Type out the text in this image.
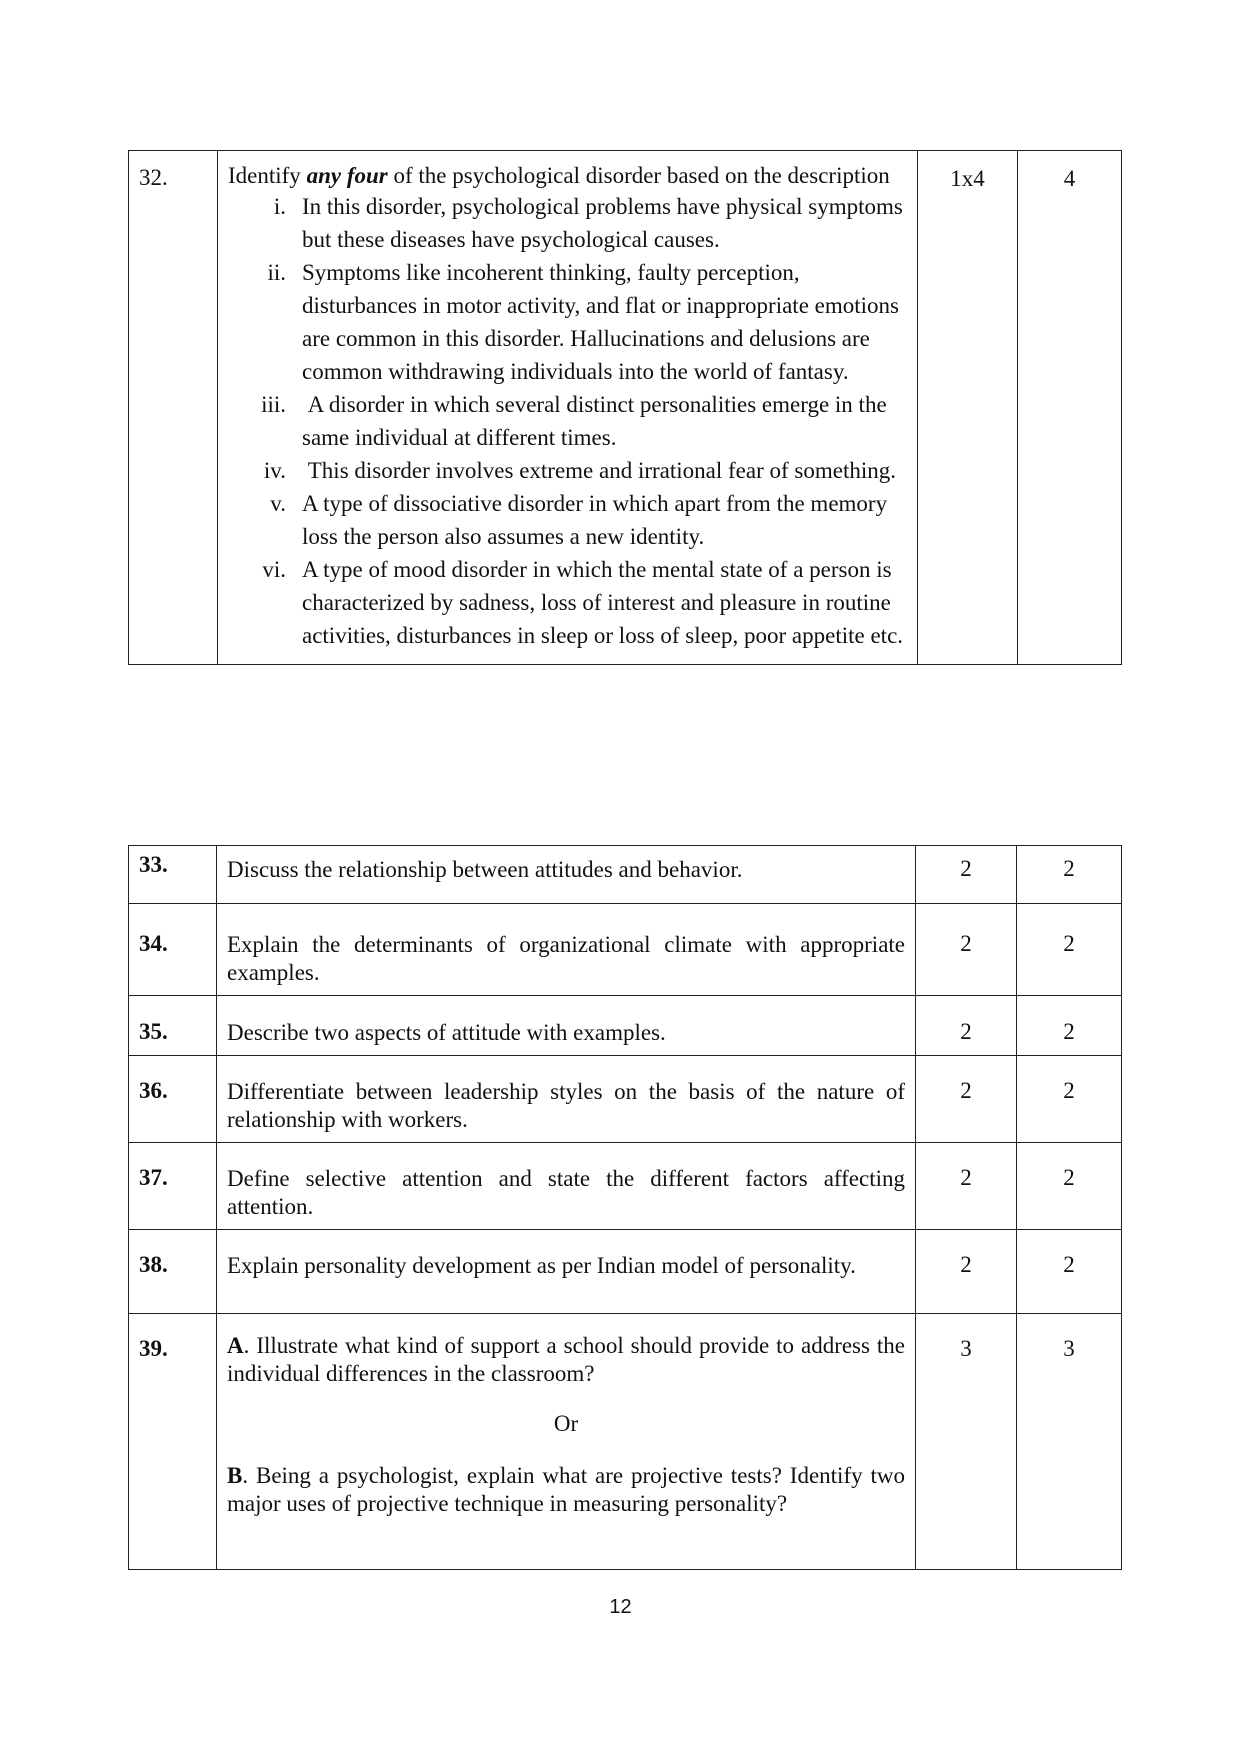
32.	Identify any four of the psychological disorder based on the description
i. In this disorder, psychological problems have physical symptoms but these diseases have psychological causes.
ii. Symptoms like incoherent thinking, faulty perception, disturbances in motor activity, and flat or inappropriate emotions are common in this disorder. Hallucinations and delusions are common withdrawing individuals into the world of fantasy.
iii. A disorder in which several distinct personalities emerge in the same individual at different times.
iv. This disorder involves extreme and irrational fear of something.
v. A type of dissociative disorder in which apart from the memory  loss the person also assumes a new identity.
vi. A type of mood disorder in which the mental state of a person is characterized by sadness, loss of interest and pleasure in routine activities, disturbances in sleep or loss of sleep, poor appetite etc.
	1x4	4
33.	Discuss the relationship between attitudes and behavior.	2	2
34.	Explain the determinants of organizational climate with appropriate examples.	2	2
35.	Describe two aspects of attitude with examples.	2	2
36.	Differentiate between leadership styles on the basis of the nature of relationship with workers.	2	2
37.	Define selective attention and state the different factors affecting attention.	2	2
38.	Explain personality development as per Indian model of personality.	2	2
39.	A. Illustrate what kind of support a school should provide to address the individual differences in the classroom?
Or
B. Being a psychologist, explain what are projective tests? Identify two major uses of projective technique in measuring personality?	3	3
12
